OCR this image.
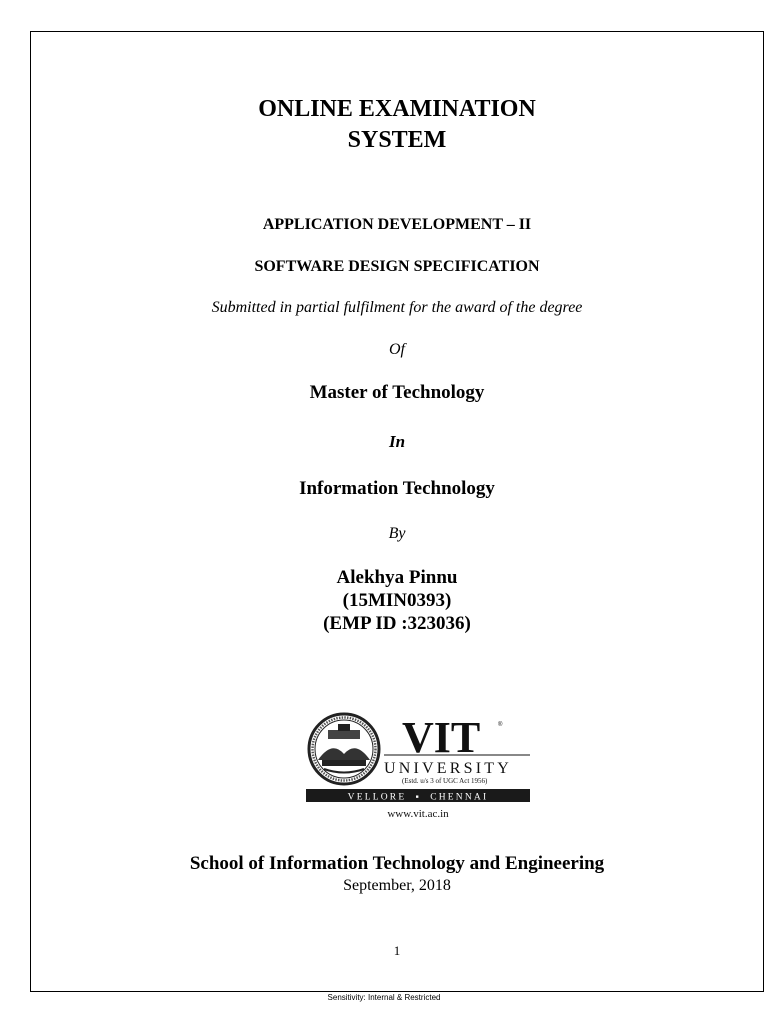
ONLINE EXAMINATION
SYSTEM

APPLICATION DEVELOPMENT – II

SOFTWARE DESIGN SPECIFICATION

Submitted in partial fulfilment for the award of the degree

Of

Master of Technology

In

Information Technology

By

Alekhya Pinnu
(15MIN0393)
(EMP ID :323036)
VIT	®
UNIVERSITY
(Estd. u/s 3 of UGC Act 1956)
VELLORE  ▪  CHENNAI
www.vit.ac.in

School of Information Technology and Engineering

September, 2018

1

Sensitivity: Internal & Restricted
